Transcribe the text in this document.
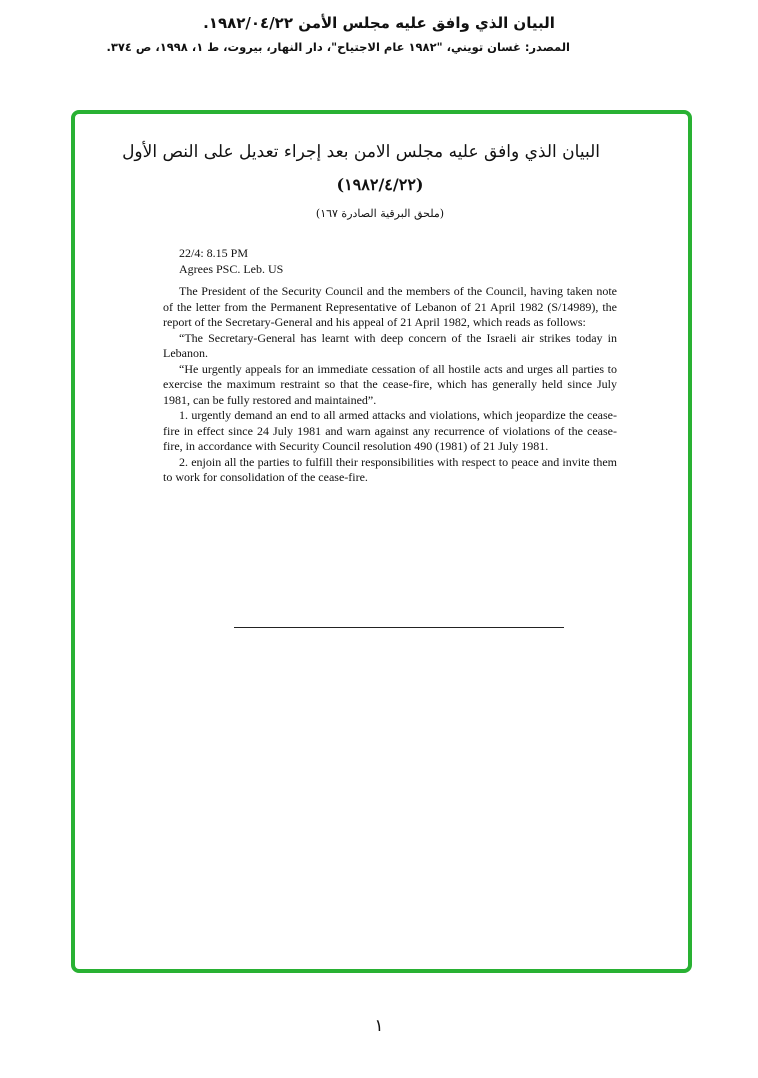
البيان الذي وافق عليه مجلس الأمن ١٩٨٢/٠٤/٢٢.
المصدر: غسان تويني، "١٩٨٢ عام الاجتياح"، دار النهار، بيروت، ط ١، ١٩٩٨، ص ٣٧٤.
البيان الذي وافق عليه مجلس الامن بعد إجراء تعديل على النص الأول
(١٩٨٢/٤/٢٢)
(ملحق البرقية الصادرة ١٦٧)
22/4: 8.15 PM
Agrees PSC. Leb. US

The President of the Security Council and the members of the Council, having taken note of the letter from the Permanent Representative of Lebanon of 21 April 1982 (S/14989), the report of the Secretary-General and his appeal of 21 April 1982, which reads as follows:

“The Secretary-General has learnt with deep concern of the Israeli air strikes today in Lebanon.

“He urgently appeals for an immediate cessation of all hostile acts and urges all parties to exercise the maximum restraint so that the cease-fire, which has generally held since July 1981, can be fully restored and maintained”.

1. urgently demand an end to all armed attacks and violations, which jeopardize the cease-fire in effect since 24 July 1981 and warn against any recurrence of violations of the cease-fire, in accordance with Security Council resolution 490 (1981) of 21 July 1981.

2. enjoin all the parties to fulfill their responsibilities with respect to peace and invite them to work for consolidation of the cease-fire.

١
